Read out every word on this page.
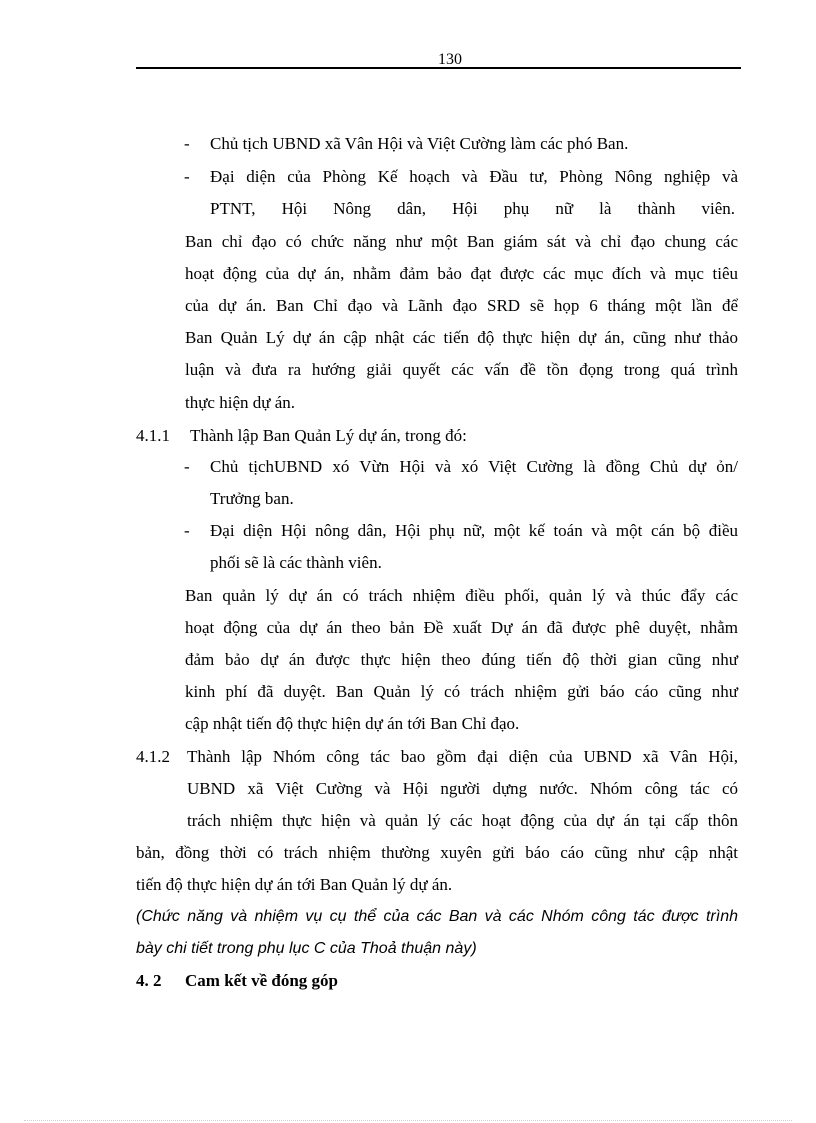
130
- Chủ tịch UBND xã Vân Hội và Việt Cường làm các phó Ban.
- Đại diện của Phòng Kế hoạch và Đầu tư, Phòng Nông nghiệp và
PTNT, Hội Nông dân, Hội phụ nữ là thành viên.
Ban chỉ đạo có chức năng như một Ban giám sát và chỉ đạo chung các
hoạt động của dự án, nhằm đảm bảo đạt được các mục đích và mục tiêu
của dự án. Ban Chỉ đạo và Lãnh đạo SRD sẽ họp 6 tháng một lần để
Ban Quản Lý dự án cập nhật các tiến độ thực hiện dự án, cũng như thảo
luận và đưa ra hướng giải quyết các vấn đề tồn đọng trong quá trình
thực hiện dự án.
4.1.1 Thành lập Ban Quản Lý dự án, trong đó:
- Chủ tịchUBND xó Vừn Hội và xó Việt Cường là đồng Chủ dự ỏn/
Trưởng ban.
- Đại diện Hội nông dân, Hội phụ nữ, một kế toán và một cán bộ điều
phối sẽ là các thành viên.
Ban quản lý dự án có trách nhiệm điều phối, quản lý và thúc đẩy các
hoạt động của dự án theo bản Đề xuất Dự án đã được phê duyệt, nhằm
đảm bảo dự án được thực hiện theo đúng tiến độ thời gian cũng như
kinh phí đã duyệt. Ban Quản lý có trách nhiệm gửi báo cáo cũng như
cập nhật tiến độ thực hiện dự án tới Ban Chỉ đạo.
4.1.2 Thành lập Nhóm công tác bao gồm đại diện của UBND xã Vân Hội,
UBND xã Việt Cường và Hội người dựng nước. Nhóm công tác có
trách nhiệm thực hiện và quản lý các hoạt động của dự án tại cấp thôn
bản, đồng thời có trách nhiệm thường xuyên gửi báo cáo cũng như cập nhật
tiến độ thực hiện dự án tới Ban Quản lý dự án.
(Chức năng và nhiệm vụ cụ thể của các Ban và các Nhóm công tác được trình
bày chi tiết trong phụ lục C của Thoả thuận này)
4. 2 Cam kết về đóng góp
